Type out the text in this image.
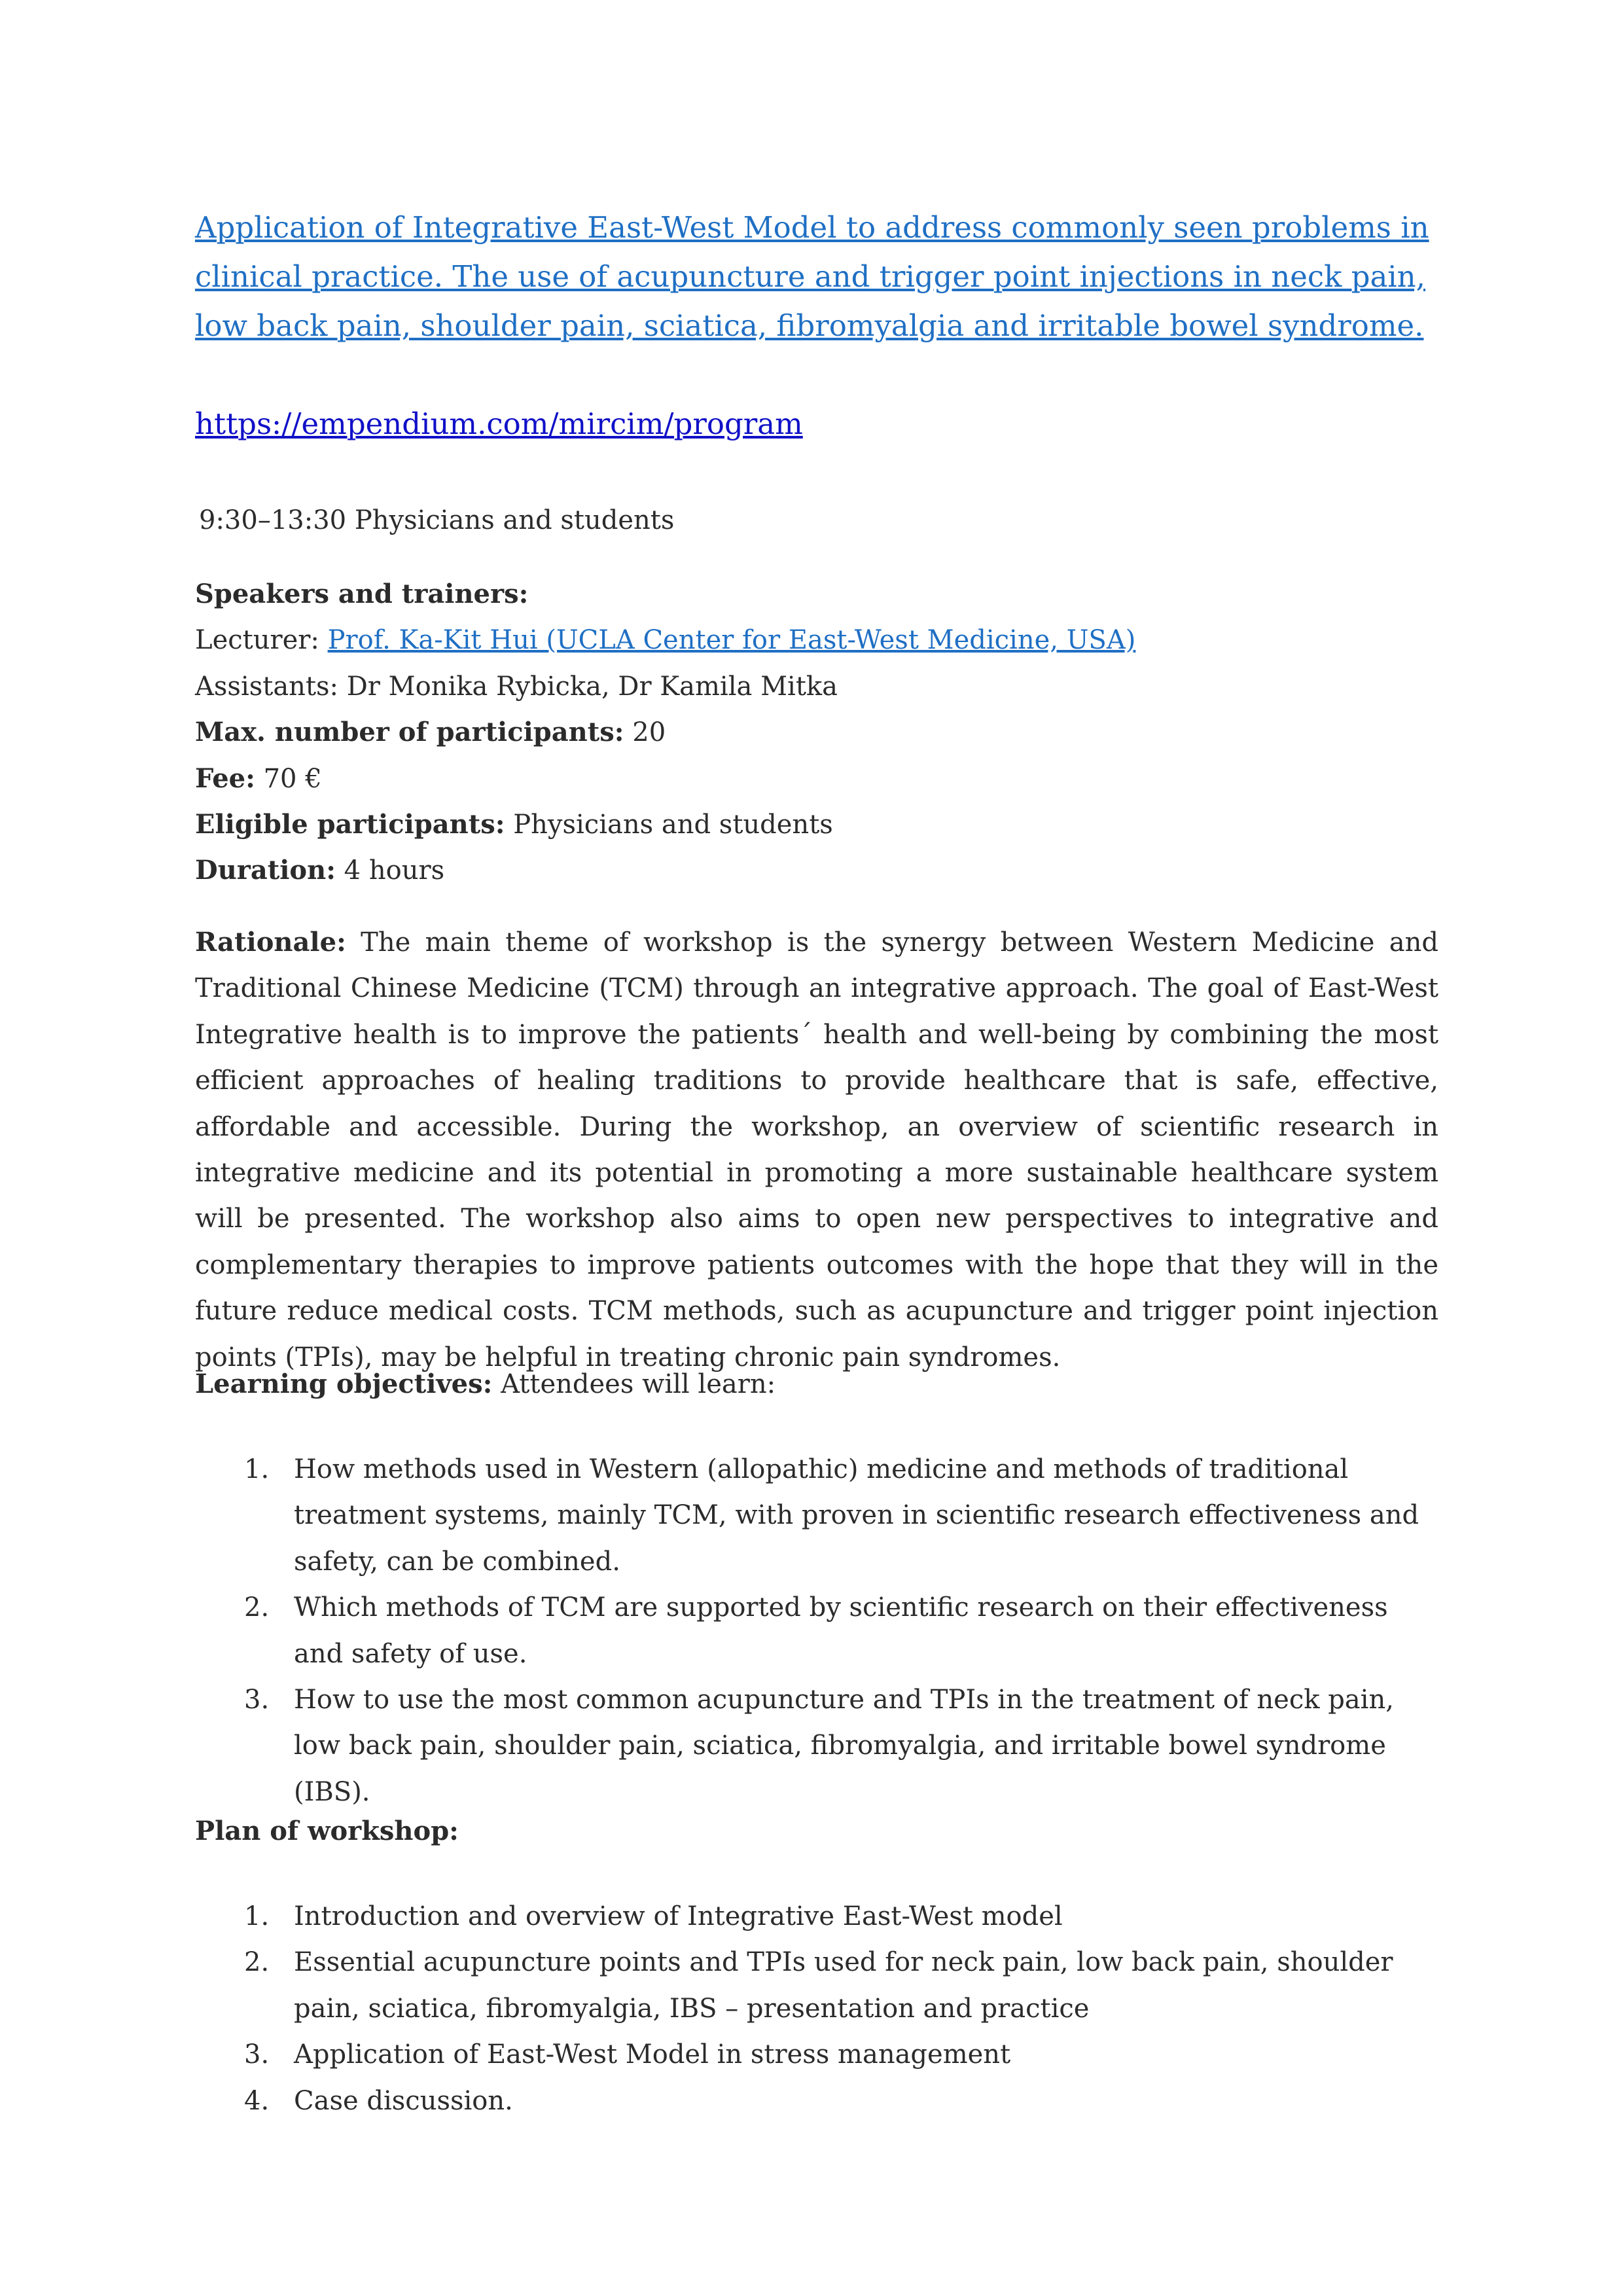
Application of Integrative East-West Model to address commonly seen problems in clinical practice. The use of acupuncture and trigger point injections in neck pain, low back pain, shoulder pain, sciatica, fibromyalgia and irritable bowel syndrome.
https://empendium.com/mircim/program
9:30–13:30 Physicians and students
Speakers and trainers:
Lecturer: Prof. Ka-Kit Hui (UCLA Center for East-West Medicine, USA)
Assistants: Dr Monika Rybicka, Dr Kamila Mitka
Max. number of participants: 20
Fee: 70 €
Eligible participants: Physicians and students
Duration: 4 hours
Rationale: The main theme of workshop is the synergy between Western Medicine and Traditional Chinese Medicine (TCM) through an integrative approach. The goal of East-West Integrative health is to improve the patients´ health and well-being by combining the most efficient approaches of healing traditions to provide healthcare that is safe, effective, affordable and accessible. During the workshop, an overview of scientific research in integrative medicine and its potential in promoting a more sustainable healthcare system will be presented. The workshop also aims to open new perspectives to integrative and complementary therapies to improve patients outcomes with the hope that they will in the future reduce medical costs. TCM methods, such as acupuncture and trigger point injection points (TPIs), may be helpful in treating chronic pain syndromes.
Learning objectives: Attendees will learn:
1. How methods used in Western (allopathic) medicine and methods of traditional treatment systems, mainly TCM, with proven in scientific research effectiveness and safety, can be combined.
2. Which methods of TCM are supported by scientific research on their effectiveness and safety of use.
3. How to use the most common acupuncture and TPIs in the treatment of neck pain, low back pain, shoulder pain, sciatica, fibromyalgia, and irritable bowel syndrome (IBS).
Plan of workshop:
1. Introduction and overview of Integrative East-West model
2. Essential acupuncture points and TPIs used for neck pain, low back pain, shoulder pain, sciatica, fibromyalgia, IBS – presentation and practice
3. Application of East-West Model in stress management
4. Case discussion.
